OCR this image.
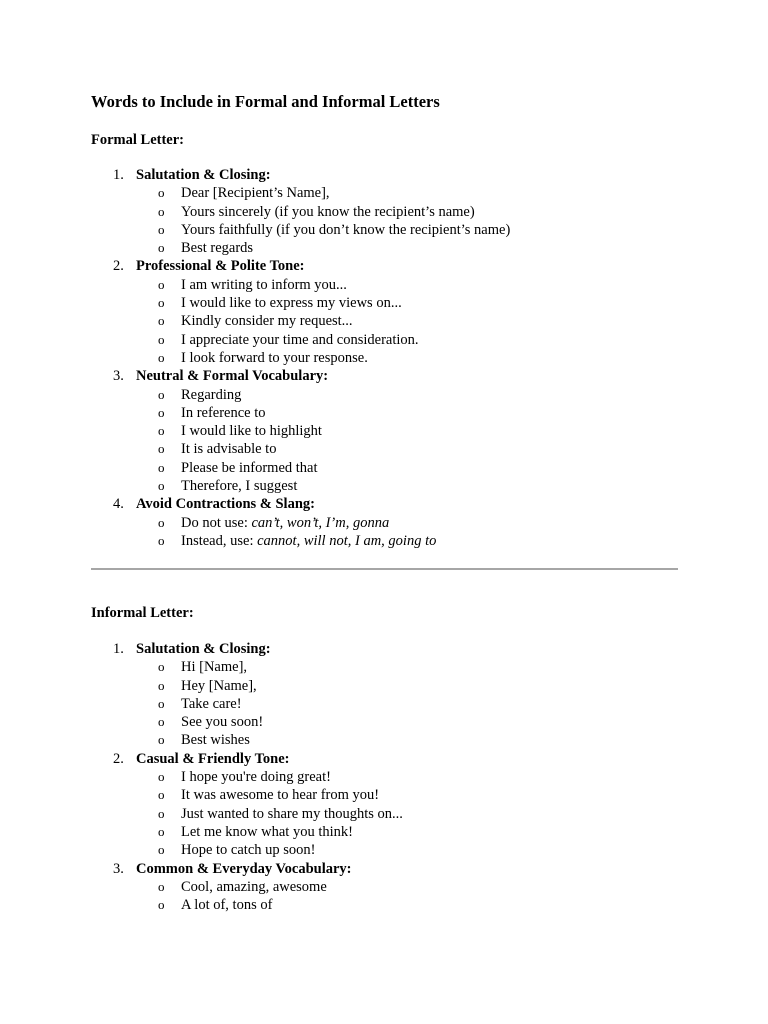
Words to Include in Formal and Informal Letters
Formal Letter:
1. Salutation & Closing:
o Dear [Recipient’s Name],
o Yours sincerely (if you know the recipient’s name)
o Yours faithfully (if you don’t know the recipient’s name)
o Best regards
2. Professional & Polite Tone:
o I am writing to inform you...
o I would like to express my views on...
o Kindly consider my request...
o I appreciate your time and consideration.
o I look forward to your response.
3. Neutral & Formal Vocabulary:
o Regarding
o In reference to
o I would like to highlight
o It is advisable to
o Please be informed that
o Therefore, I suggest
4. Avoid Contractions & Slang:
o Do not use: can’t, won’t, I’m, gonna
o Instead, use: cannot, will not, I am, going to
Informal Letter:
1. Salutation & Closing:
o Hi [Name],
o Hey [Name],
o Take care!
o See you soon!
o Best wishes
2. Casual & Friendly Tone:
o I hope you're doing great!
o It was awesome to hear from you!
o Just wanted to share my thoughts on...
o Let me know what you think!
o Hope to catch up soon!
3. Common & Everyday Vocabulary:
o Cool, amazing, awesome
o A lot of, tons of
